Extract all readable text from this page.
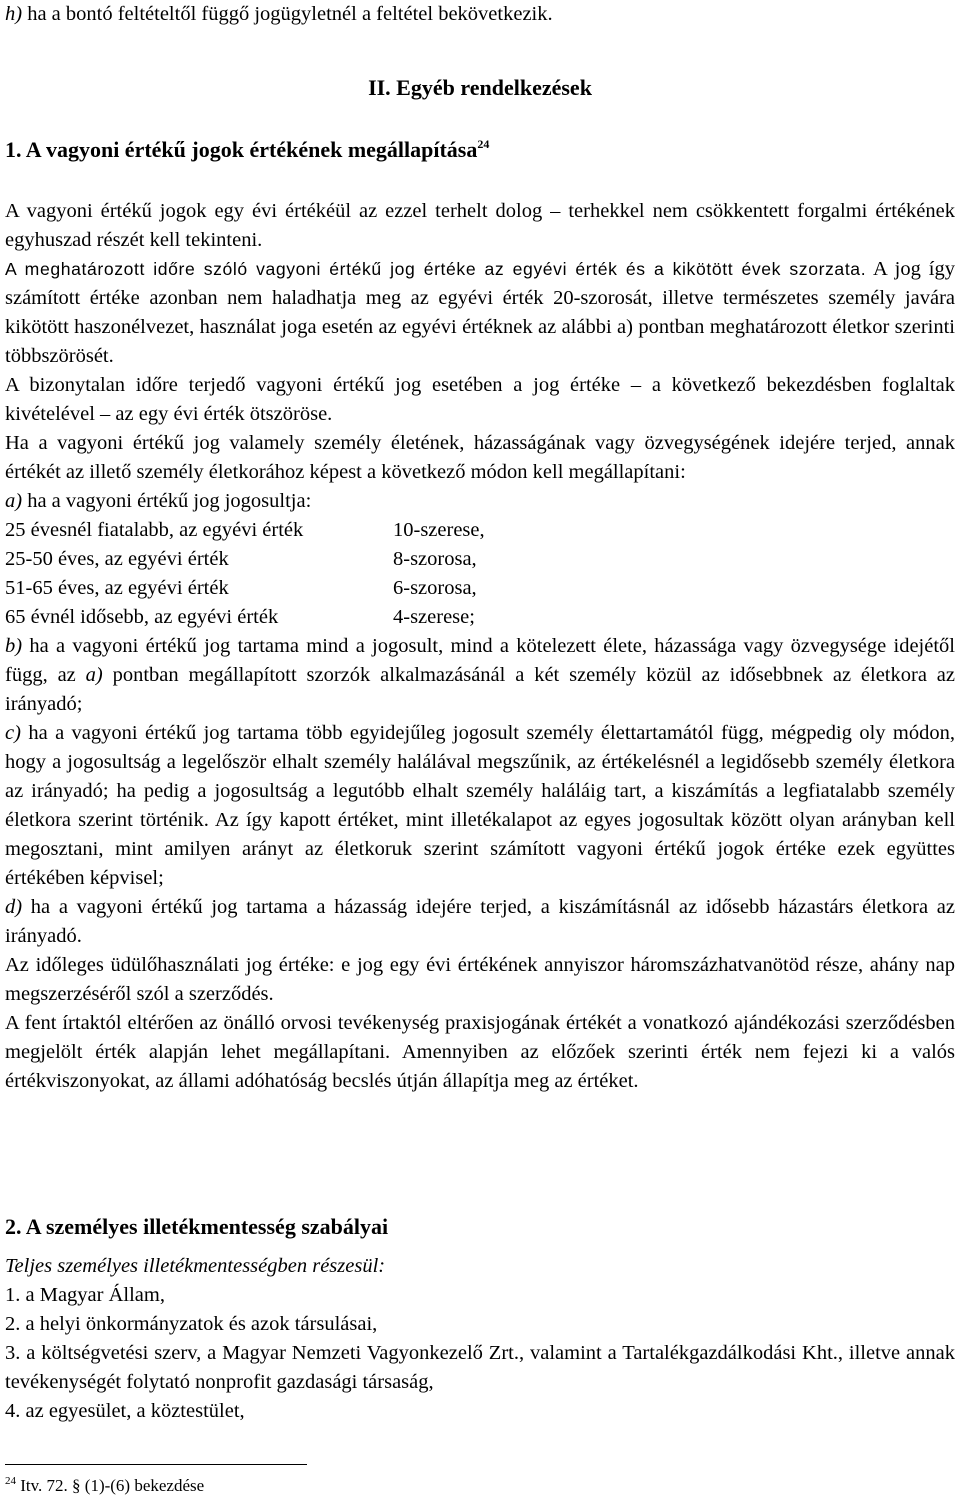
h) ha a bontó feltételtől függő jogügyletnél a feltétel bekövetkezik.

II. Egyéb rendelkezések

1. A vagyoni értékű jogok értékének megállapítása$^{24}$

A vagyoni értékű jogok egy évi értékéül az ezzel terhelt dolog – terhekkel nem csökkentett forgalmi értékének egyhuszad részét kell tekinteni.

A meghatározott időre szóló vagyoni értékű jog értéke az egyévi érték és a kikötött évek szorzata. A jog így számított értéke azonban nem haladhatja meg az egyévi érték 20-szorosát, illetve természetes személy javára kikötött haszonélvezet, használat joga esetén az egyévi értéknek az alábbi a) pontban meghatározott életkor szerinti többszörösét.

A bizonytalan időre terjedő vagyoni értékű jog esetében a jog értéke – a következő bekezdésben foglaltak kivételével – az egy évi érték ötszöröse.

Ha a vagyoni értékű jog valamely személy életének, házasságának vagy özvegységének idejére terjed, annak értékét az illető személy életkorához képest a következő módon kell megállapítani:

a) ha a vagyoni értékű jog jogosultja:

25 évesnél fiatalabb, az egyévi érték	10-szerese,
25-50 éves, az egyévi érték	8-szorosa,
51-65 éves, az egyévi érték	6-szorosa,
65 évnél idősebb, az egyévi érték	4-szerese;

b) ha a vagyoni értékű jog tartama mind a jogosult, mind a kötelezett élete, házassága vagy özvegysége idejétől függ, az a) pontban megállapított szorzók alkalmazásánál a két személy közül az idősebbnek az életkora az irányadó;

c) ha a vagyoni értékű jog tartama több egyidejűleg jogosult személy élettartamától függ, mégpedig oly módon, hogy a jogosultság a legelőször elhalt személy halálával megszűnik, az értékelésnél a legidősebb személy életkora az irányadó; ha pedig a jogosultság a legutóbb elhalt személy haláláig tart, a kiszámítás a legfiatalabb személy életkora szerint történik. Az így kapott értéket, mint illetékalapot az egyes jogosultak között olyan arányban kell megosztani, mint amilyen arányt az életkoruk szerint számított vagyoni értékű jogok értéke ezek együttes értékében képvisel;

d) ha a vagyoni értékű jog tartama a házasság idejére terjed, a kiszámításnál az idősebb házastárs életkora az irányadó.

Az időleges üdülőhasználati jog értéke: e jog egy évi értékének annyiszor háromszázhatvanötöd része, ahány nap megszerzéséről szól a szerződés.

A fent írtaktól eltérően az önálló orvosi tevékenység praxisjogának értékét a vonatkozó ajándékozási szerződésben megjelölt érték alapján lehet megállapítani. Amennyiben az előzőek szerinti érték nem fejezi ki a valós értékviszonyokat, az állami adóhatóság becslés útján állapítja meg az értéket.

2. A személyes illetékmentesség szabályai

Teljes személyes illetékmentességben részesül:

1. a Magyar Állam,

2. a helyi önkormányzatok és azok társulásai,

3. a költségvetési szerv, a Magyar Nemzeti Vagyonkezelő Zrt., valamint a Tartalékgazdálkodási Kht., illetve annak tevékenységét folytató nonprofit gazdasági társaság,

4. az egyesület, a köztestület,

$^{24}$ Itv. 72. § (1)-(6) bekezdése
